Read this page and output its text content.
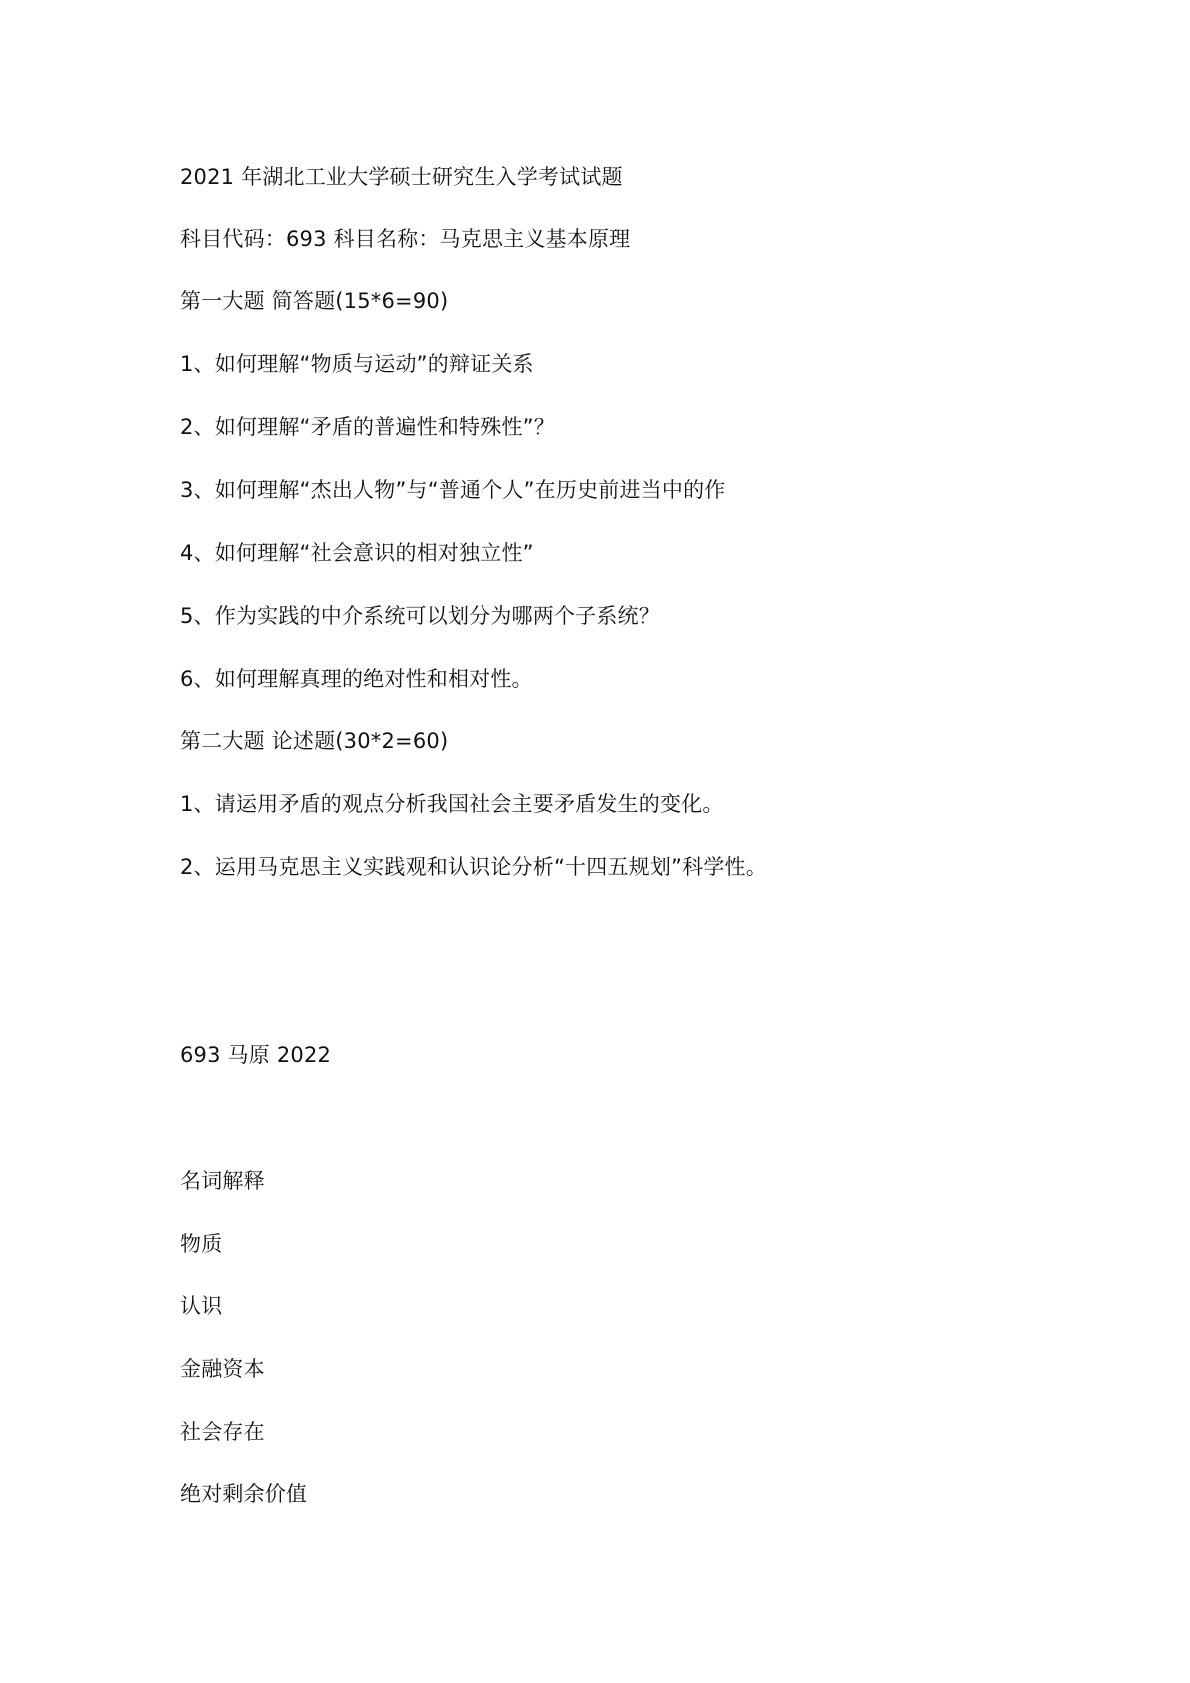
2021 年湖北工业大学硕士研究生入学考试试题
科目代码：693 科目名称：马克思主义基本原理
第一大题 简答题(15*6=90)
1、如何理解“物质与运动”的辩证关系
2、如何理解“矛盾的普遍性和特殊性”？
3、如何理解“杰出人物”与“普通个人”在历史前进当中的作
4、如何理解“社会意识的相对独立性”
5、作为实践的中介系统可以划分为哪两个子系统？
6、如何理解真理的绝对性和相对性。
第二大题 论述题(30*2=60)
1、请运用矛盾的观点分析我国社会主要矛盾发生的变化。
2、运用马克思主义实践观和认识论分析“十四五规划”科学性。
693 马原 2022
名词解释
物质
认识
金融资本
社会存在
绝对剩余价值
